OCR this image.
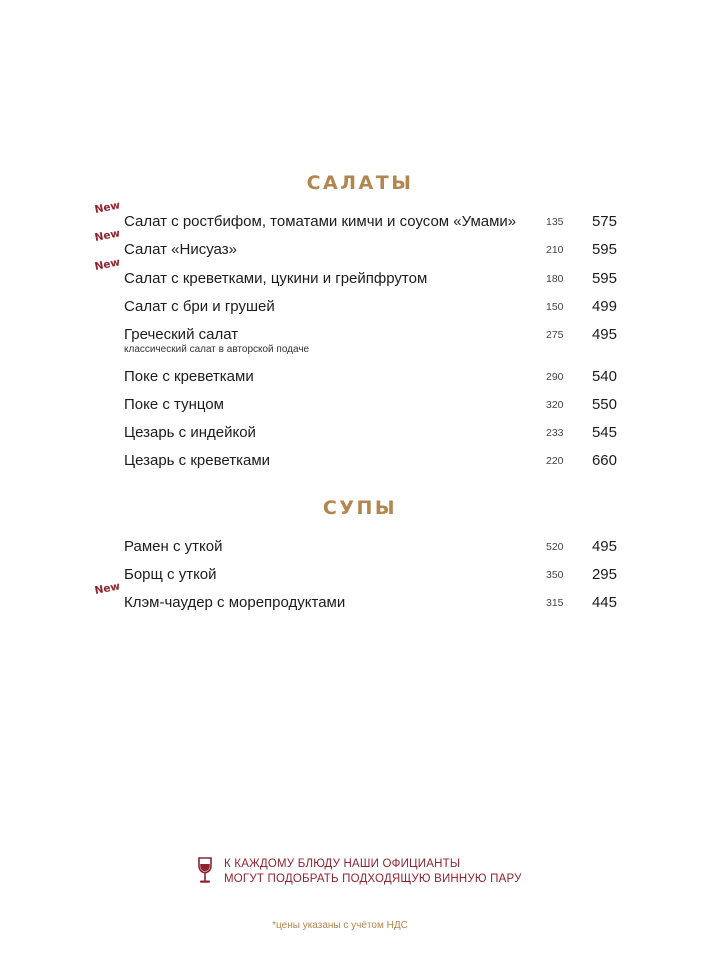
САЛАТЫ
New
Салат с ростбифом, томатами кимчи и соусом «Умами»	135 575
New
Салат «Нисуаз»	210 595
New
Салат с креветками, цукини и грейпфрутом	180 595
Салат с бри и грушей	150 499
Греческий салат
классический салат в авторской подаче
275 495
Поке с креветками	290 540
Поке с тунцом	320 550
Цезарь с индейкой	233 545
Цезарь с креветками	220 660
СУПЫ
Рамен с уткой	520 495
Борщ с уткой	350 295
New
Клэм-чаудер с морепродуктами	315 445
К КАЖДОМУ БЛЮДУ НАШИ ОФИЦИАНТЫ
МОГУТ ПОДОБРАТЬ ПОДХОДЯЩУЮ ВИННУЮ ПАРУ
*цены указаны с учётом НДС
